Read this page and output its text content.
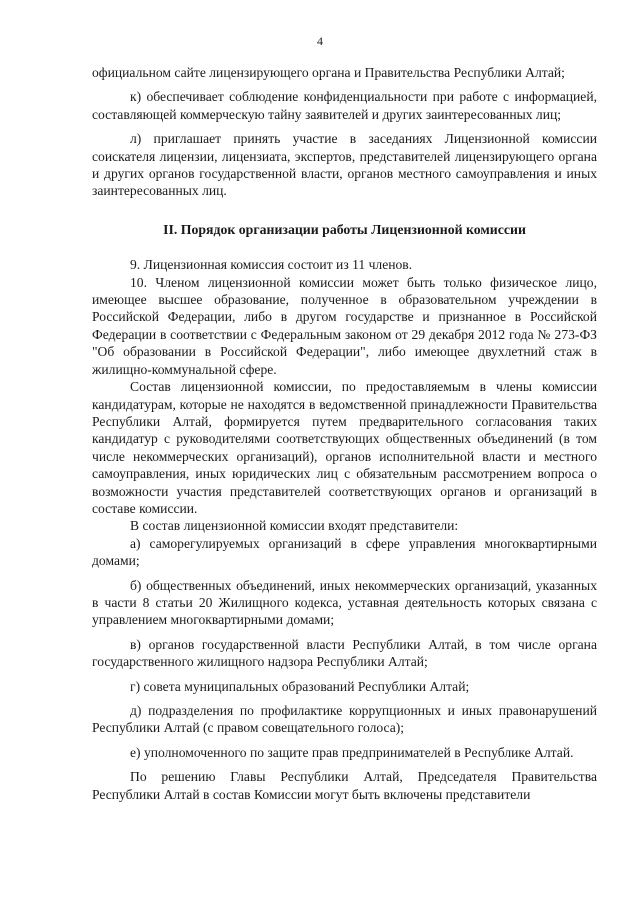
4

официальном сайте лицензирующего органа и Правительства Республики Алтай;

к) обеспечивает соблюдение конфиденциальности при работе с информацией, составляющей коммерческую тайну заявителей и других заинтересованных лиц;

л) приглашает принять участие в заседаниях Лицензионной комиссии соискателя лицензии, лицензиата, экспертов, представителей лицензирующего органа и других органов государственной власти, органов местного самоуправления и иных заинтересованных лиц.

II. Порядок организации работы Лицензионной комиссии

9. Лицензионная комиссия состоит из 11 членов.

10. Членом лицензионной комиссии может быть только физическое лицо, имеющее высшее образование, полученное в образовательном учреждении в Российской Федерации, либо в другом государстве и признанное в Российской Федерации в соответствии с Федеральным законом от 29 декабря 2012 года № 273-ФЗ "Об образовании в Российской Федерации", либо имеющее двухлетний стаж в жилищно-коммунальной сфере.

Состав лицензионной комиссии, по предоставляемым в члены комиссии кандидатурам, которые не находятся в ведомственной принадлежности Правительства Республики Алтай, формируется путем предварительного согласования таких кандидатур с руководителями соответствующих общественных объединений (в том числе некоммерческих организаций), органов исполнительной власти и местного самоуправления, иных юридических лиц с обязательным рассмотрением вопроса о возможности участия представителей соответствующих органов и организаций в составе комиссии.

В состав лицензионной комиссии входят представители:

а) саморегулируемых организаций в сфере управления многоквартирными домами;

б) общественных объединений, иных некоммерческих организаций, указанных в части 8 статьи 20 Жилищного кодекса, уставная деятельность которых связана с управлением многоквартирными домами;

в) органов государственной власти Республики Алтай, в том числе органа государственного жилищного надзора Республики Алтай;

г) совета муниципальных образований Республики Алтай;

д) подразделения по профилактике коррупционных и иных правонарушений Республики Алтай (с правом совещательного голоса);

е) уполномоченного по защите прав предпринимателей в Республике Алтай.

По решению Главы Республики Алтай, Председателя Правительства Республики Алтай в состав Комиссии могут быть включены представители
